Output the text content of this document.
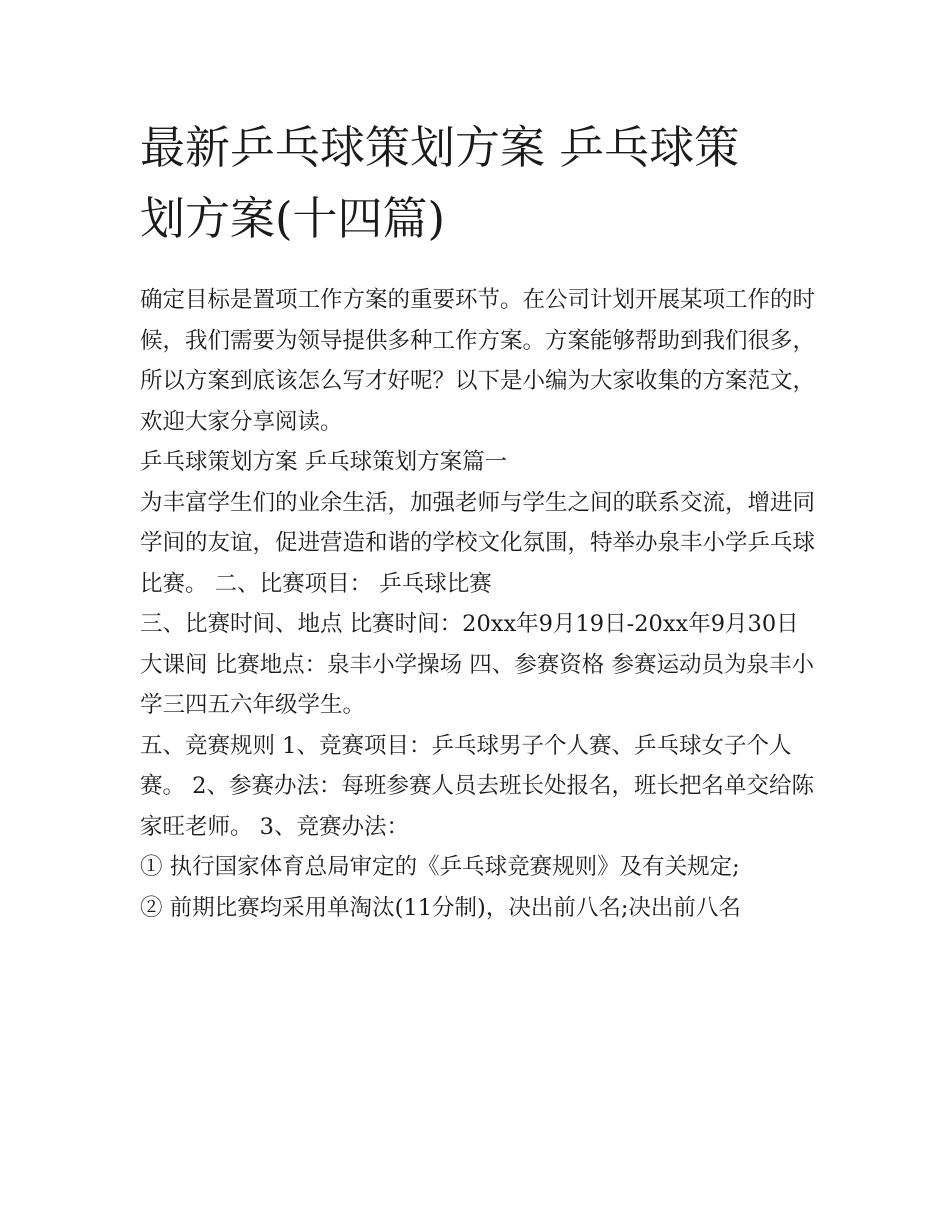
最新乒乓球策划方案 乒乓球策
划方案(十四篇)

确定目标是置项工作方案的重要环节。在公司计划开展某项工作的时候，我们需要为领导提供多种工作方案。方案能够帮助到我们很多，所以方案到底该怎么写才好呢？以下是小编为大家收集的方案范文，欢迎大家分享阅读。

乒乓球策划方案 乒乓球策划方案篇一

为丰富学生们的业余生活，加强老师与学生之间的联系交流，增进同学间的友谊，促进营造和谐的学校文化氛围，特举办泉丰小学乒乓球比赛。 二、比赛项目： 乒乓球比赛

三、比赛时间、地点 比赛时间：20xx年9月19日-20xx年9月30日大课间 比赛地点：泉丰小学操场 四、参赛资格 参赛运动员为泉丰小学三四五六年级学生。

五、竞赛规则 1、竞赛项目：乒乓球男子个人赛、乒乓球女子个人赛。 2、参赛办法：每班参赛人员去班长处报名，班长把名单交给陈家旺老师。 3、竞赛办法：

① 执行国家体育总局审定的《乒乓球竞赛规则》及有关规定;

② 前期比赛均采用单淘汰(11分制)，决出前八名;决出前八名
